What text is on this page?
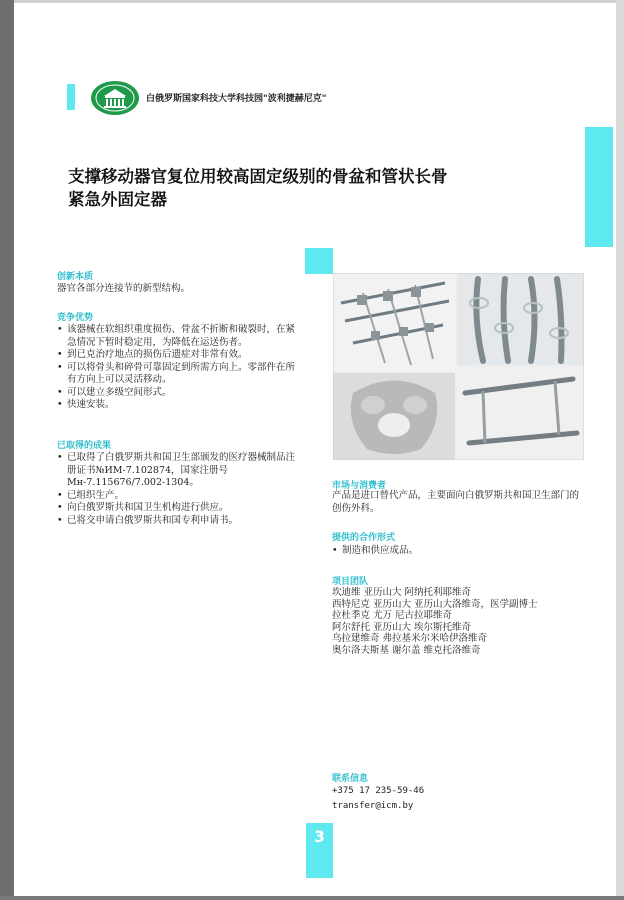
白俄罗斯国家科技大学科技园"波利捷赫尼克"
支撑移动器官复位用较高固定级别的骨盆和管状长骨
紧急外固定器
创新本质
器官各部分连接节的新型结构。
竞争优势
• 该器械在软组织重度损伤、骨盆不折断和破裂时，在紧急情况下暂时稳定用，为降低在运送伤者。
• 到已克治疗地点的损伤后遗症对非常有效。
• 可以将骨头和碎骨可靠固定到所需方向上。零部件在所有方向上可以灵活移动。
• 可以建立多级空间形式。
• 快速安装。
已取得的成果
• 已取得了白俄罗斯共和国卫生部颁发的医疗器械制品注册证书№ИМ-7.102874，国家注册号Мн-7.115676/7.002-1304。
• 已组织生产。
• 向白俄罗斯共和国卫生机构进行供应。
• 已将交申请白俄罗斯共和国专利申请书。
市场与消费者
产品是进口替代产品，主要面向白俄罗斯共和国卫生部门的创伤外科。
提供的合作形式
• 制造和供应成品。
项目团队

坎迪维 亚历山大 阿纳托利耶维奇

西特尼克 亚历山大 亚历山大洛维奇，医学副博士

拉杜季克 尤万 尼古拉耶维奇

阿尔舒托 亚历山大 埃尔斯托维奇

乌拉建维奇 弗拉基米尔米哈伊洛维奇

奥尔洛夫斯基 谢尔盖 维克托洛维奇

联系信息
+375 17 235-59-46
transfer@icm.by
3
